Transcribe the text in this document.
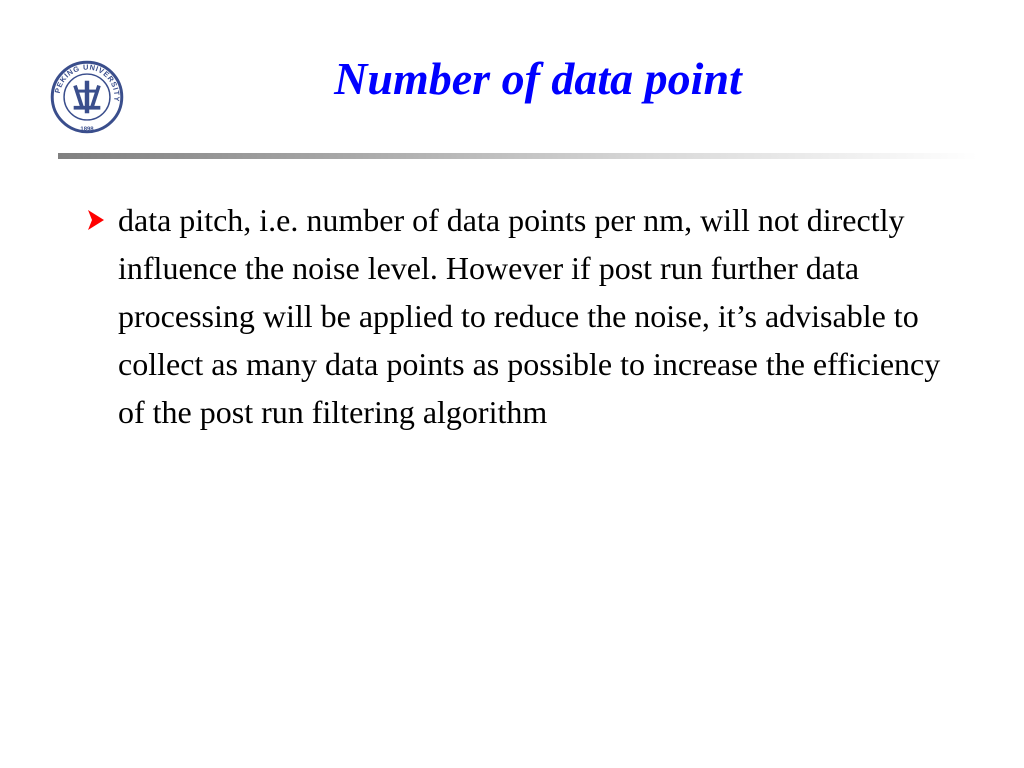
PEKING UNIVERSITY
1898
Number of data point
data pitch, i.e. number of data points per nm, will not directly influence the noise level. However if post run further data processing will be applied to reduce the noise, it’s advisable to collect as many data points as possible to increase the efficiency of the post run filtering algorithm
